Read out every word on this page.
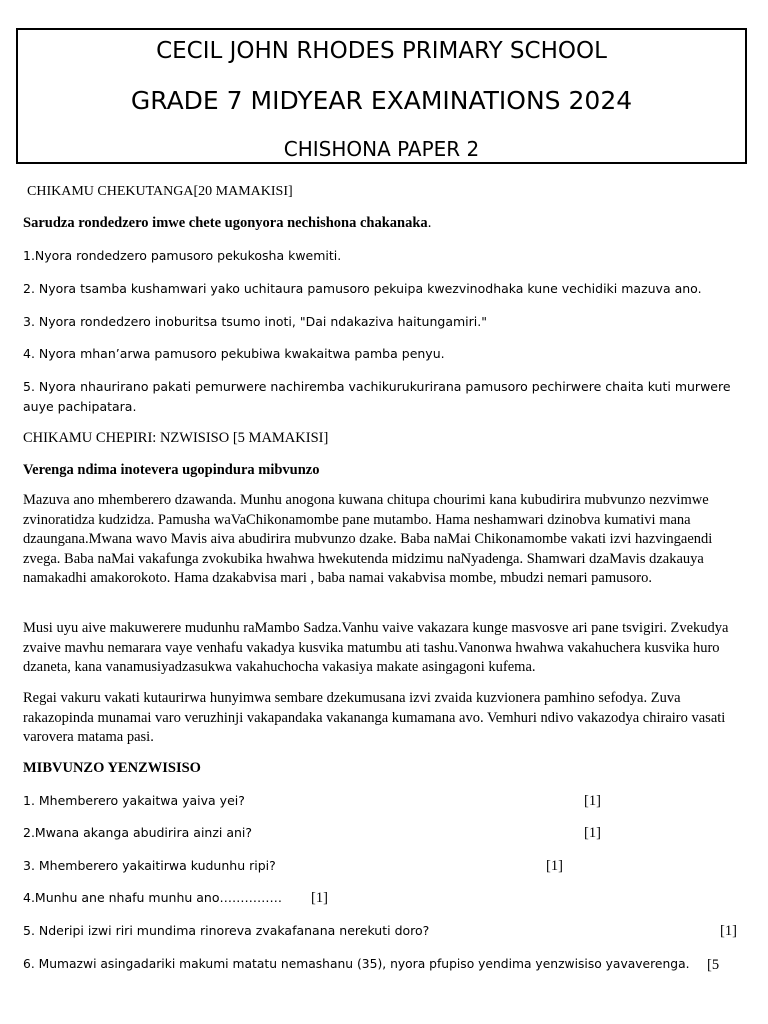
CECIL JOHN RHODES PRIMARY SCHOOL
GRADE 7 MIDYEAR EXAMINATIONS 2024
CHISHONA PAPER 2
CHIKAMU CHEKUTANGA[20 MAMAKISI]
Sarudza rondedzero imwe chete ugonyora nechishona chakanaka.
1.Nyora rondedzero pamusoro pekukosha kwemiti.
2. Nyora tsamba kushamwari yako uchitaura pamusoro pekuipa kwezvinodhaka kune vechidiki mazuva ano.
3. Nyora rondedzero inoburitsa tsumo inoti, "Dai ndakaziva haitungamiri."
4. Nyora mhan’arwa pamusoro pekubiwa kwakaitwa pamba penyu.
5. Nyora nhaurirano pakati pemurwere nachiremba vachikurukurirana pamusoro pechirwere chaita kuti murwere auye pachipatara.
CHIKAMU CHEPIRI: NZWISISO [5 MAMAKISI]
Verenga ndima inotevera ugopindura mibvunzo
Mazuva ano mhemberero dzawanda. Munhu anogona kuwana chitupa chourimi kana kubudirira mubvunzo nezvimwe zvinoratidza kudzidza. Pamusha waVaChikonamombe pane mutambo. Hama neshamwari dzinobva kumativi mana dzaungana.Mwana wavo Mavis aiva abudirira mubvunzo dzake. Baba naMai Chikonamombe vakati izvi hazvingaendi zvega. Baba naMai vakafunga zvokubika hwahwa hwekutenda midzimu naNyadenga. Shamwari dzaMavis dzakauya namakadhi amakorokoto. Hama dzakabvisa mari , baba namai vakabvisa mombe, mbudzi nemari pamusoro.
Musi uyu aive makuwerere mudunhu raMambo Sadza.Vanhu vaive vakazara kunge masvosve ari pane tsvigiri. Zvekudya zvaive mavhu nemarara vaye venhafu vakadya kusvika matumbu ati tashu.Vanonwa hwahwa vakahuchera kusvika huro dzaneta, kana vanamusiyadzasukwa vakahuchocha vakasiya makate asingagoni kufema.
Regai vakuru vakati kutaurirwa hunyimwa sembare dzekumusana izvi zvaida kuzvionera pamhino sefodya. Zuva rakazopinda munamai varo veruzhinji vakapandaka vakananga kumamana avo. Vemhuri ndivo vakazodya chirairo vasati varovera matama pasi.
MIBVUNZO YENZWISISO
1. Mhemberero yakaitwa yaiva yei?	[1]
2.Mwana akanga abudirira ainzi ani?	[1]
3. Mhemberero yakaitirwa kudunhu ripi?	[1]
4.Munhu ane nhafu munhu ano…………… [1]
5. Nderipi izwi riri mundima rinoreva zvakafanana nerekuti doro?	[1]
6. Mumazwi asingadariki makumi matatu nemashanu (35), nyora pfupiso yendima yenzwisiso yavaverenga. [5
